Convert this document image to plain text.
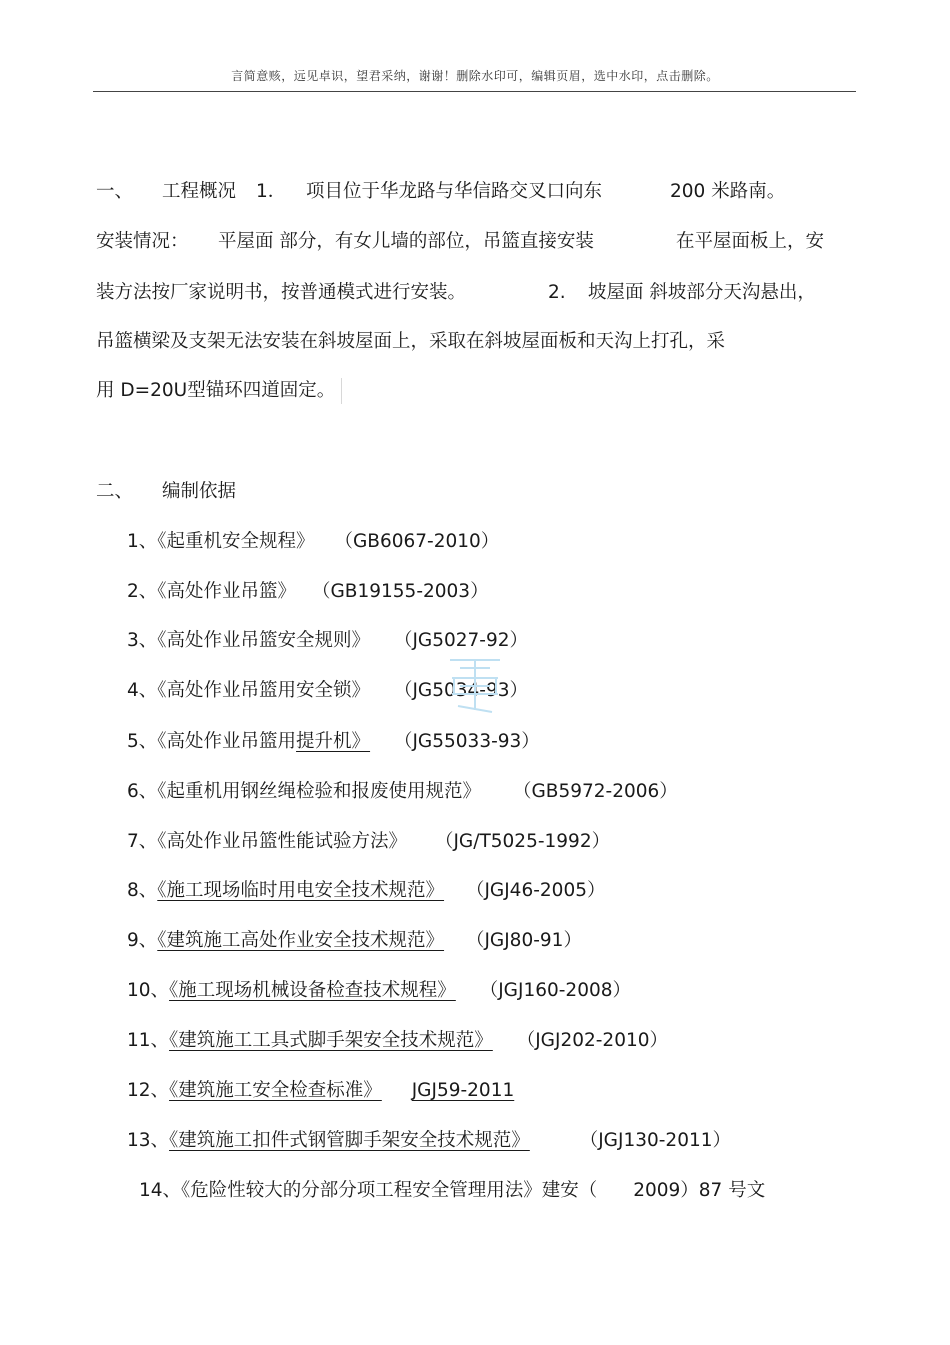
言简意赅，远见卓识，望君采纳，谢谢！删除水印可，编辑页眉，选中水印，点击删除。
一、 工程概况 1． 项目位于华龙路与华信路交叉口向东	200 米路南。
安装情况： 平屋面 部分，有女儿墙的部位，吊篮直接安装	在平屋面板上，安
装方法按厂家说明书，按普通模式进行安装。	2. 坡屋面 斜坡部分天沟悬出，
吊篮横梁及支架无法安装在斜坡屋面上，采取在斜坡屋面板和天沟上打孔，采
用 D=20U型锚环四道固定。
二、 编制依据
1、《起重机安全规程》 （GB6067-2010）
2、《高处作业吊篮》 （GB19155-2003）
3、《高处作业吊篮安全规则》 （JG5027-92）
4、《高处作业吊篮用安全锁》 （JG5034-93）
5、《高处作业吊篮用提升机》 （JG55033-93）
6、《起重机用钢丝绳检验和报废使用规范》 （GB5972-2006）
7、《高处作业吊篮性能试验方法》 （JG/T5025-1992）
8、《施工现场临时用电安全技术规范》 （JGJ46-2005）
9、《建筑施工高处作业安全技术规范》 （JGJ80-91）
10、《施工现场机械设备检查技术规程》 （JGJ160-2008）
11、《建筑施工工具式脚手架安全技术规范》 （JGJ202-2010）
12、《建筑施工安全检查标准》 JGJ59-2011
13、《建筑施工扣件式钢管脚手架安全技术规范》	（JGJ130-2011）
14、《危险性较大的分部分项工程安全管理用法》建安（ 2009）87 号文
